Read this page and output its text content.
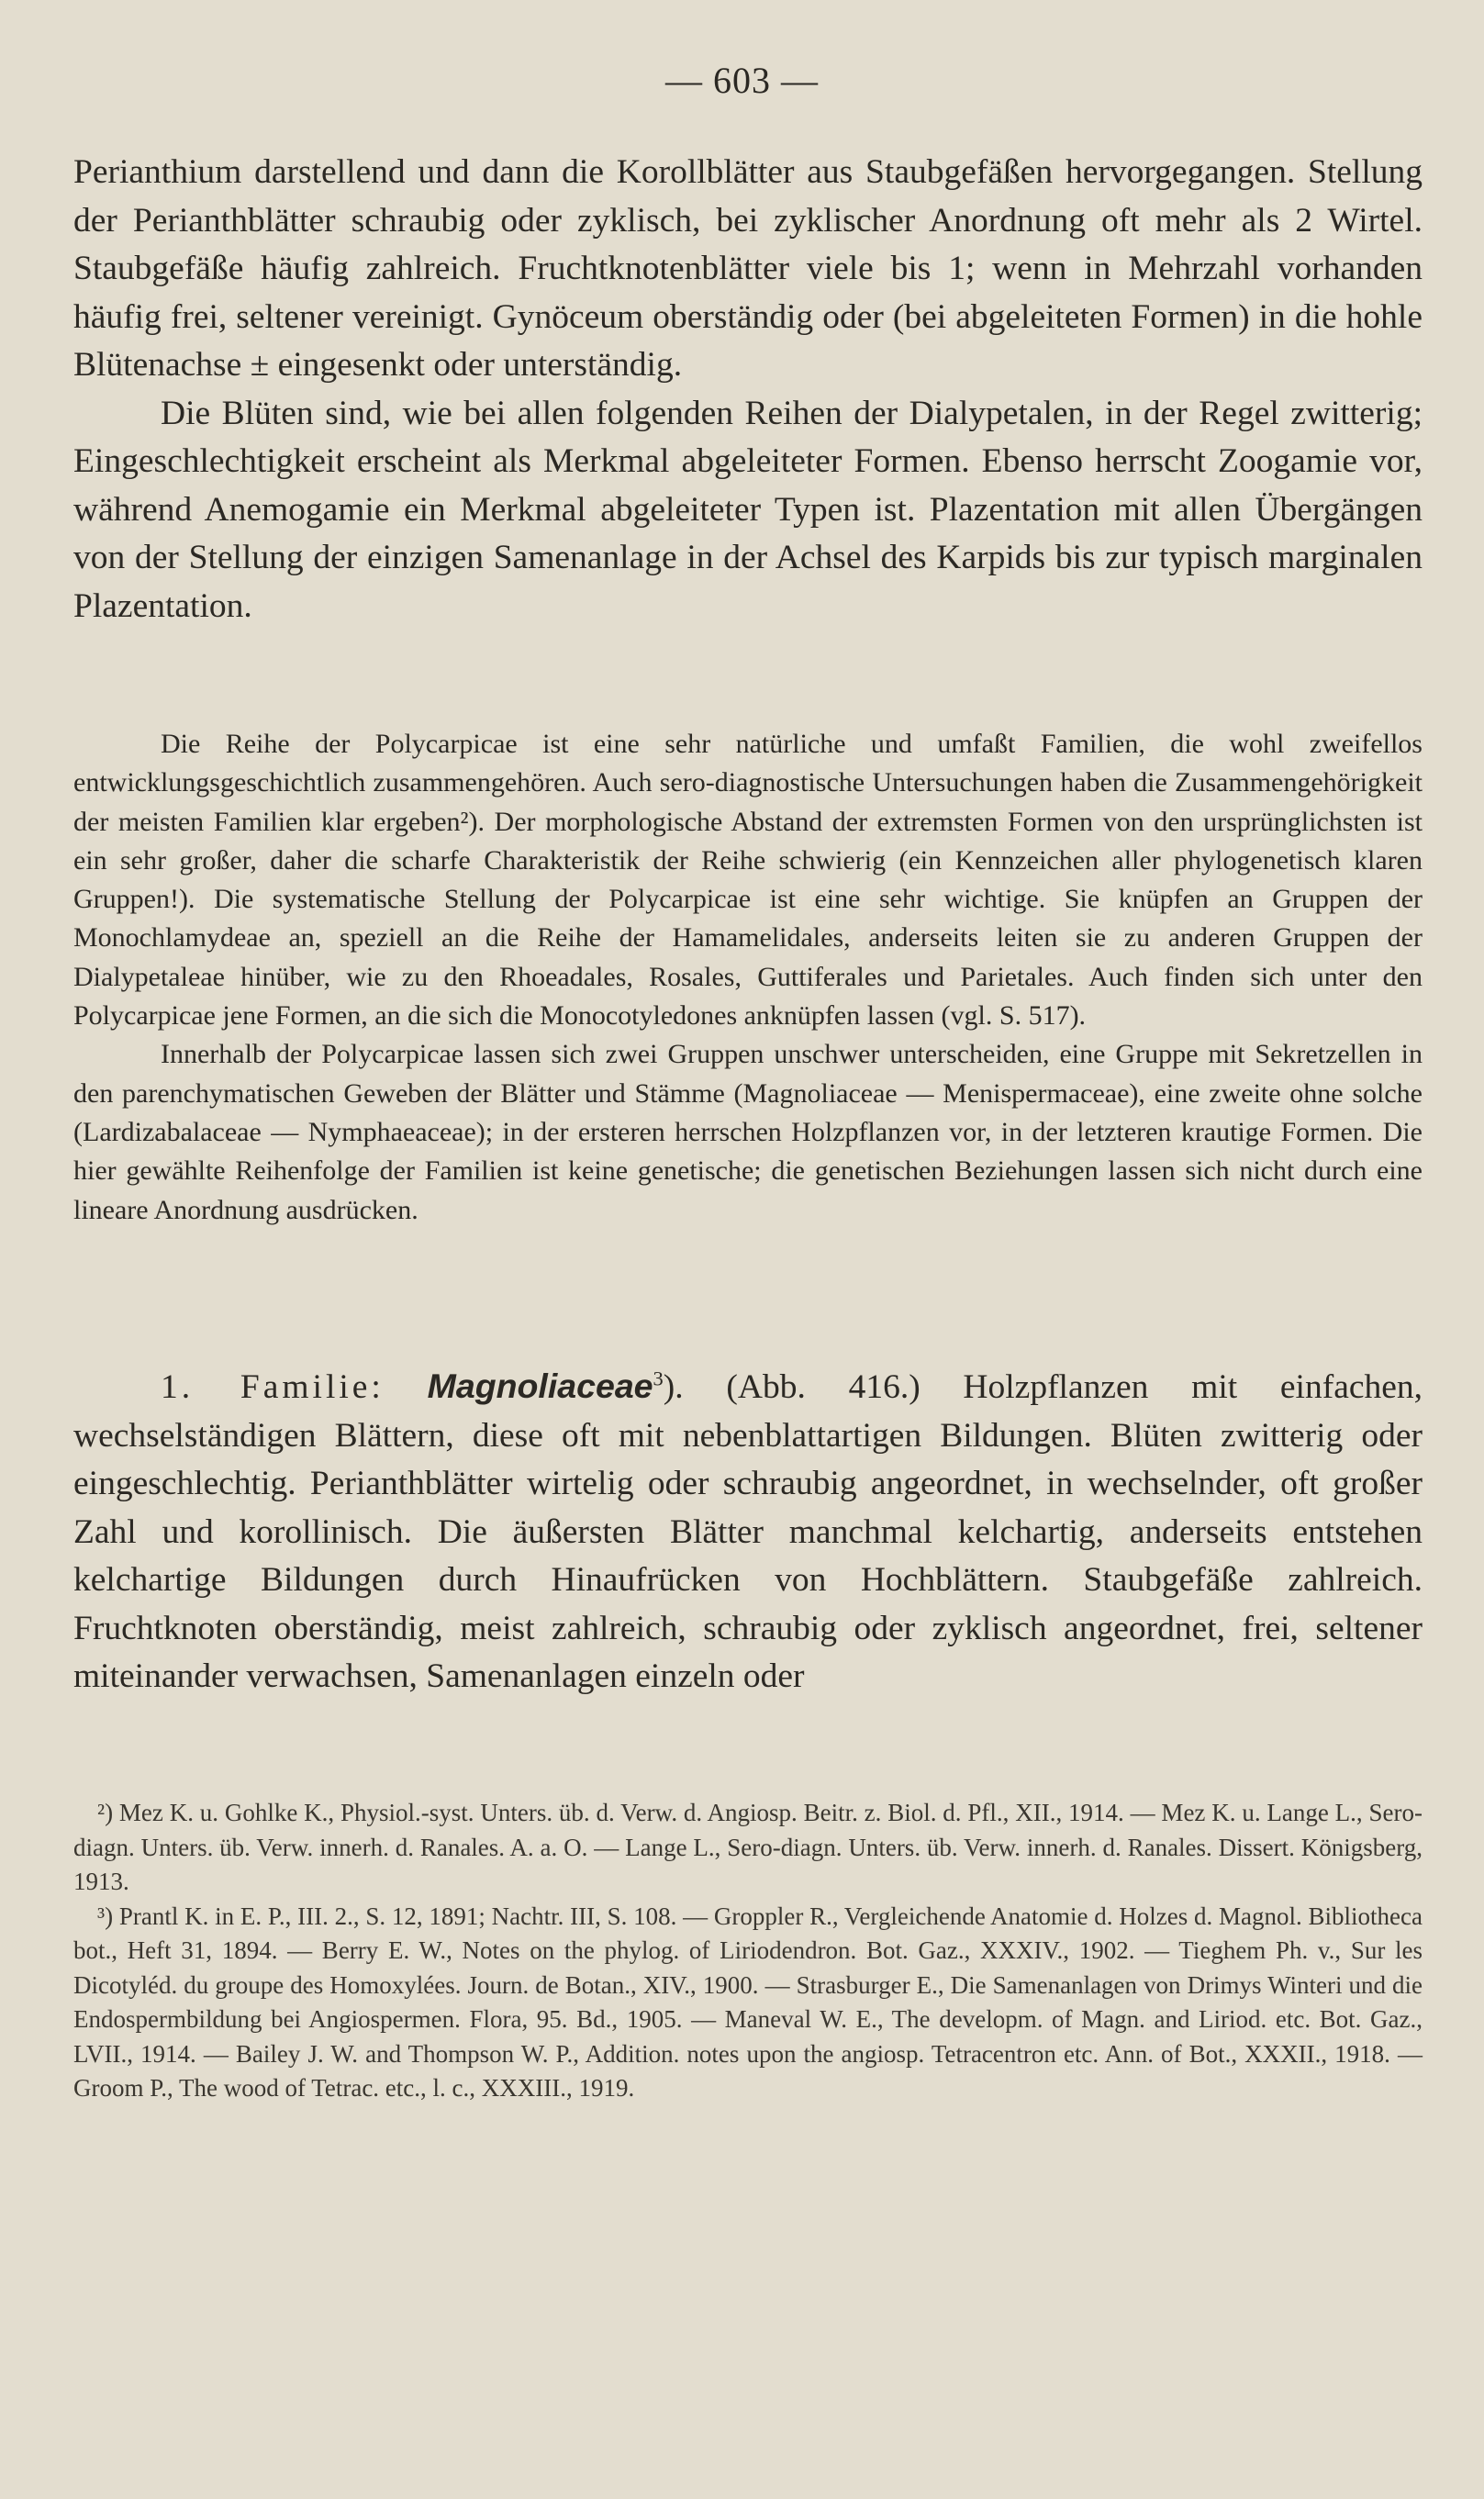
— 603 —

Perianthium darstellend und dann die Korollblätter aus Staubgefäßen hervorgegangen. Stellung der Perianthblätter schraubig oder zyklisch, bei zyklischer Anordnung oft mehr als 2 Wirtel. Staubgefäße häufig zahlreich. Fruchtknotenblätter viele bis 1; wenn in Mehrzahl vorhanden häufig frei, seltener vereinigt. Gynöceum oberständig oder (bei abgeleiteten Formen) in die hohle Blütenachse ± eingesenkt oder unterständig.

Die Blüten sind, wie bei allen folgenden Reihen der Dialypetalen, in der Regel zwitterig; Eingeschlechtigkeit erscheint als Merkmal abgeleiteter Formen. Ebenso herrscht Zoogamie vor, während Anemogamie ein Merkmal abgeleiteter Typen ist. Plazentation mit allen Übergängen von der Stellung der einzigen Samenanlage in der Achsel des Karpids bis zur typisch marginalen Plazentation.

Die Reihe der Polycarpicae ist eine sehr natürliche und umfaßt Familien, die wohl zweifellos entwicklungsgeschichtlich zusammengehören. Auch sero-diagnostische Untersuchungen haben die Zusammengehörigkeit der meisten Familien klar ergeben²). Der morphologische Abstand der extremsten Formen von den ursprünglichsten ist ein sehr großer, daher die scharfe Charakteristik der Reihe schwierig (ein Kennzeichen aller phylogenetisch klaren Gruppen!). Die systematische Stellung der Polycarpicae ist eine sehr wichtige. Sie knüpfen an Gruppen der Monochlamydeae an, speziell an die Reihe der Hamamelidales, anderseits leiten sie zu anderen Gruppen der Dialypetaleae hinüber, wie zu den Rhoeadales, Rosales, Guttiferales und Parietales. Auch finden sich unter den Polycarpicae jene Formen, an die sich die Monocotyledones anknüpfen lassen (vgl. S. 517).

Innerhalb der Polycarpicae lassen sich zwei Gruppen unschwer unterscheiden, eine Gruppe mit Sekretzellen in den parenchymatischen Geweben der Blätter und Stämme (Magnoliaceae — Menispermaceae), eine zweite ohne solche (Lardizabalaceae — Nymphaeaceae); in der ersteren herrschen Holzpflanzen vor, in der letzteren krautige Formen. Die hier gewählte Reihenfolge der Familien ist keine genetische; die genetischen Beziehungen lassen sich nicht durch eine lineare Anordnung ausdrücken.

1. Familie: Magnoliaceae$^3$). (Abb. 416.) Holzpflanzen mit einfachen, wechselständigen Blättern, diese oft mit nebenblattartigen Bildungen. Blüten zwitterig oder eingeschlechtig. Perianthblätter wirtelig oder schraubig angeordnet, in wechselnder, oft großer Zahl und korollinisch. Die äußersten Blätter manchmal kelchartig, anderseits entstehen kelchartige Bildungen durch Hinaufrücken von Hochblättern. Staubgefäße zahlreich. Fruchtknoten oberständig, meist zahlreich, schraubig oder zyklisch angeordnet, frei, seltener miteinander verwachsen, Samenanlagen einzeln oder

²) Mez K. u. Gohlke K., Physiol.-syst. Unters. üb. d. Verw. d. Angiosp. Beitr. z. Biol. d. Pfl., XII., 1914. — Mez K. u. Lange L., Sero-diagn. Unters. üb. Verw. innerh. d. Ranales. A. a. O. — Lange L., Sero-diagn. Unters. üb. Verw. innerh. d. Ranales. Dissert. Königsberg, 1913.

³) Prantl K. in E. P., III. 2., S. 12, 1891; Nachtr. III, S. 108. — Groppler R., Vergleichende Anatomie d. Holzes d. Magnol. Bibliotheca bot., Heft 31, 1894. — Berry E. W., Notes on the phylog. of Liriodendron. Bot. Gaz., XXXIV., 1902. — Tieghem Ph. v., Sur les Dicotyléd. du groupe des Homoxylées. Journ. de Botan., XIV., 1900. — Strasburger E., Die Samenanlagen von Drimys Winteri und die Endospermbildung bei Angiospermen. Flora, 95. Bd., 1905. — Maneval W. E., The developm. of Magn. and Liriod. etc. Bot. Gaz., LVII., 1914. — Bailey J. W. and Thompson W. P., Addition. notes upon the angiosp. Tetracentron etc. Ann. of Bot., XXXII., 1918. — Groom P., The wood of Tetrac. etc., l. c., XXXIII., 1919.
